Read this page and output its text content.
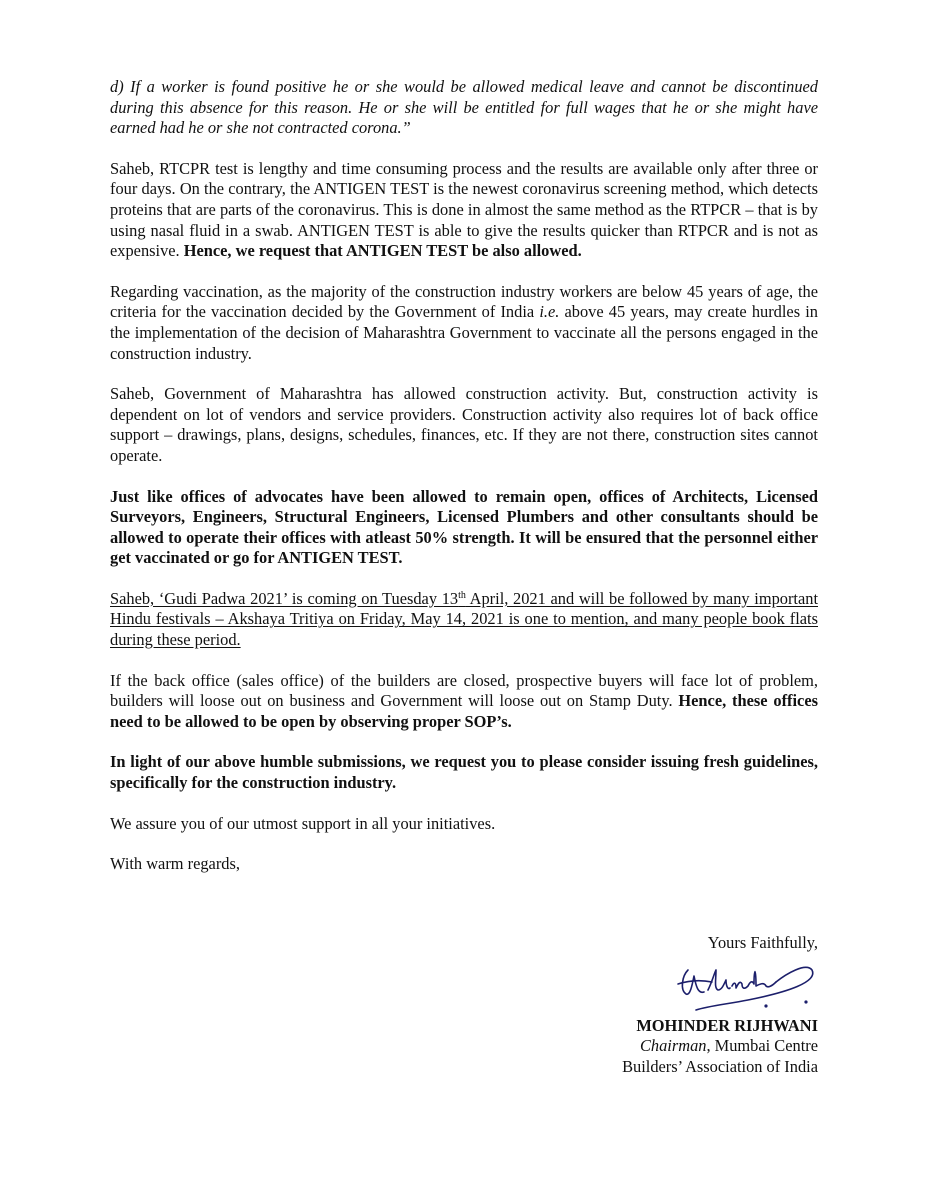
d) If a worker is found positive he or she would be allowed medical leave and cannot be discontinued during this absence for this reason. He or she will be entitled for full wages that he or she might have earned had he or she not contracted corona.”

Saheb, RTCPR test is lengthy and time consuming process and the results are available only after three or four days. On the contrary, the ANTIGEN TEST is the newest coronavirus screening method, which detects proteins that are parts of the coronavirus. This is done in almost the same method as the RTPCR – that is by using nasal fluid in a swab. ANTIGEN TEST is able to give the results quicker than RTPCR and is not as expensive. Hence, we request that ANTIGEN TEST be also allowed.

Regarding vaccination, as the majority of the construction industry workers are below 45 years of age, the criteria for the vaccination decided by the Government of India i.e. above 45 years, may create hurdles in the implementation of the decision of Maharashtra Government to vaccinate all the persons engaged in the construction industry.

Saheb, Government of Maharashtra has allowed construction activity. But, construction activity is dependent on lot of vendors and service providers. Construction activity also requires lot of back office support – drawings, plans, designs, schedules, finances, etc. If they are not there, construction sites cannot operate.

Just like offices of advocates have been allowed to remain open, offices of Architects, Licensed Surveyors, Engineers, Structural Engineers, Licensed Plumbers and other consultants should be allowed to operate their offices with atleast 50% strength. It will be ensured that the personnel either get vaccinated or go for ANTIGEN TEST.

Saheb, ‘Gudi Padwa 2021’ is coming on Tuesday 13th April, 2021 and will be followed by many important Hindu festivals – Akshaya Tritiya on Friday, May 14, 2021 is one to mention, and many people book flats during these period.

If the back office (sales office) of the builders are closed, prospective buyers will face lot of problem, builders will loose out on business and Government will loose out on Stamp Duty. Hence, these offices need to be allowed to be open by observing proper SOP’s.

In light of our above humble submissions, we request you to please consider issuing fresh guidelines, specifically for the construction industry.

We assure you of our utmost support in all your initiatives.

With warm regards,

Yours Faithfully,
MOHINDER RIJHWANI
Chairman, Mumbai Centre
Builders’ Association of India
